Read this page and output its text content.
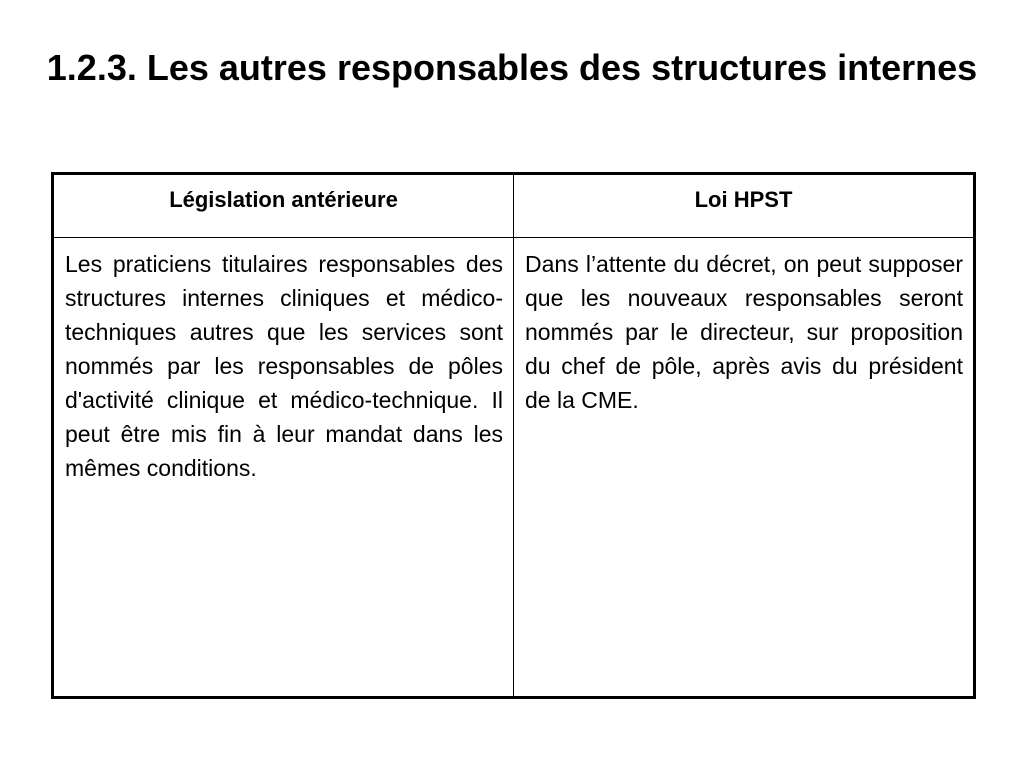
1.2.3. Les autres responsables des structures internes
Législation antérieure	Loi HPST
Les praticiens titulaires responsables des structures internes cliniques et médico-techniques autres que les services sont nommés par les responsables de pôles d'activité clinique et médico-technique. Il peut être mis fin à leur mandat dans les mêmes conditions.	Dans l’attente du décret, on peut supposer que les nouveaux responsables seront nommés par le directeur, sur proposition du chef de pôle, après avis du président de la CME.
